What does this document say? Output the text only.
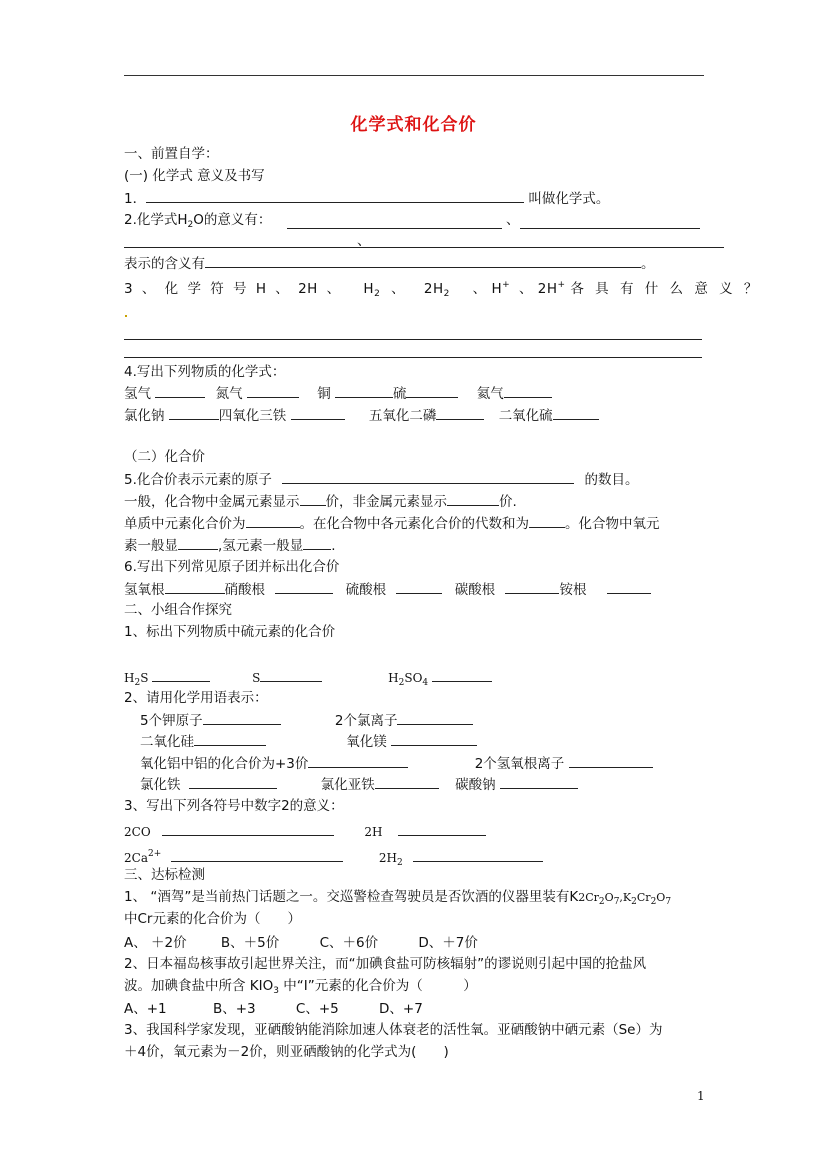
化学式和化合价
一、前置自学：
(一) 化学式 意义及书写
1．	叫做化学式。
2.化学式$H_2O$的意义有：	、
、
表示的含义有	。
3 、 化 学 符 号 H 、 2H 、 $H_2$ 、 $2H_2$ 、 H+ 、 2H+ 各 具 有 什 么 意 义 ？
4.写出下列物质的化学式：
氢气	氮气	铜	硫	氦气
氯化钠	四氧化三铁	五氧化二磷	二氧化硫
（二）化合价
5.化合价表示元素的原子	的数目。
一般，化合物中金属元素显示 价，非金属元素显示	价.
单质中元素化合价为	。在化合物中各元素化合价的代数和为	。化合物中氧元
素一般显	,氢元素一般显 .
6.写出下列常见原子团并标出化合价
氢氧根	硝酸根	硫酸根	碳酸根	铵根
二、小组合作探究
1、标出下列物质中硫元素的化合价
$H_2S$	S	$H_2SO_4$
2、请用化学用语表示：
5个钾原子	2个氯离子
二氧化硅	氧化镁
氧化铝中铝的化合价为+3价	2个氢氧根离子
氯化铁	氯化亚铁	碳酸钠
3、写出下列各符号中数字2的意义：
2CO	2H
$2Ca^{2+}$	$2H_2$
三、达标检测
1、 “酒驾”是当前热门话题之一。交巡警检查驾驶员是否饮酒的仪器里装有$K2Cr_2O_7,K_2Cr_2O_7$
中Cr元素的化合价为（　　）
A、 ＋2价	B、＋5价	C、＋6价	D、＋7价
2、日本福岛核事故引起世界关注，而“加碘食盐可防核辐射”的谬说则引起中国的抢盐风
波。加碘食盐中所含 $KIO_3$ 中“I”元素的化合价为（　　　）
A、+1	B、+3	C、+5	D、+7
3、我国科学家发现，亚硒酸钠能消除加速人体衰老的活性氧。亚硒酸钠中硒元素（Se）为
＋4价，氧元素为－2价，则亚硒酸钠的化学式为(　　)
1
